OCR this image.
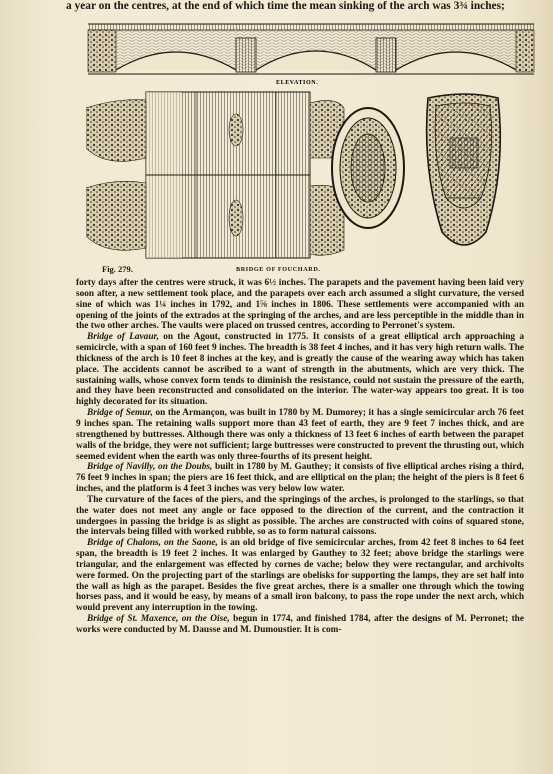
a year on the centres, at the end of which time the mean sinking of the arch was 3¾ inches;
ELEVATION.
Fig. 279.	BRIDGE OF FOUCHARD.

forty days after the centres were struck, it was 6½ inches. The parapets and the pavement having been laid very soon after, a new settlement took place, and the parapets over each arch assumed a slight curvature, the versed sine of which was 1¼ inches in 1792, and 1⅝ inches in 1806. These settlements were accompanied with an opening of the joints of the extrados at the springing of the arches, and are less perceptible in the middle than in the two other arches. The vaults were placed on trussed centres, according to Perronet's system.

Bridge of Lavaur, on the Agout, constructed in 1775. It consists of a great elliptical arch approaching a semicircle, with a span of 160 feet 9 inches. The breadth is 38 feet 4 inches, and it has very high return walls. The thickness of the arch is 10 feet 8 inches at the key, and is greatly the cause of the wearing away which has taken place. The accidents cannot be ascribed to a want of strength in the abutments, which are very thick. The sustaining walls, whose convex form tends to diminish the resistance, could not sustain the pressure of the earth, and they have been reconstructed and consolidated on the interior. The water-way appears too great. It is too highly decorated for its situation.

Bridge of Semur, on the Armançon, was built in 1780 by M. Dumorey; it has a single semicircular arch 76 feet 9 inches span. The retaining walls support more than 43 feet of earth, they are 9 feet 7 inches thick, and are strengthened by buttresses. Although there was only a thickness of 13 feet 6 inches of earth between the parapet walls of the bridge, they were not sufficient; large buttresses were constructed to prevent the thrusting out, which seemed evident when the earth was only three-fourths of its present height.

Bridge of Navilly, on the Doubs, built in 1780 by M. Gauthey; it consists of five elliptical arches rising a third, 76 feet 9 inches in span; the piers are 16 feet thick, and are elliptical on the plan; the height of the piers is 8 feet 6 inches, and the platform is 4 feet 3 inches was very below low water.

The curvature of the faces of the piers, and the springings of the arches, is prolonged to the starlings, so that the water does not meet any angle or face opposed to the direction of the current, and the contraction it undergoes in passing the bridge is as slight as possible. The arches are constructed with coins of squared stone, the intervals being filled with worked rubble, so as to form natural caissons.

Bridge of Chalons, on the Saone, is an old bridge of five semicircular arches, from 42 feet 8 inches to 64 feet span, the breadth is 19 feet 2 inches. It was enlarged by Gauthey to 32 feet; above bridge the starlings were triangular, and the enlargement was effected by cornes de vache; below they were rectangular, and archivolts were formed. On the projecting part of the starlings are obelisks for supporting the lamps, they are set half into the wall as high as the parapet. Besides the five great arches, there is a smaller one through which the towing horses pass, and it would be easy, by means of a small iron balcony, to pass the rope under the next arch, which would prevent any interruption in the towing.

Bridge of St. Maxence, on the Oise, begun in 1774, and finished 1784, after the designs of M. Perronet; the works were conducted by M. Dausse and M. Dumoustier. It is com-
